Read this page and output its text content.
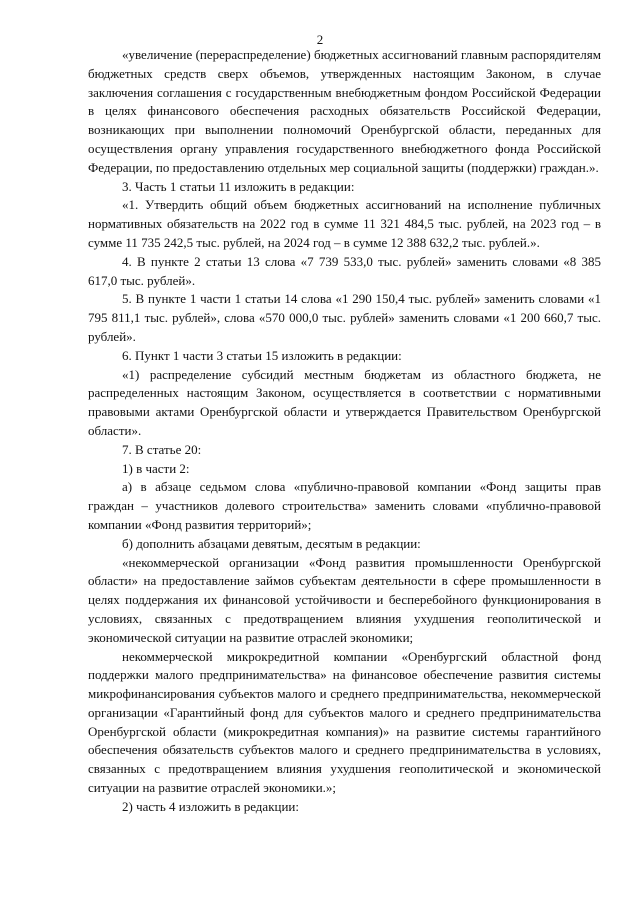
2

«увеличение (перераспределение) бюджетных ассигнований главным распорядителям бюджетных средств сверх объемов, утвержденных настоящим Законом, в случае заключения соглашения с государственным внебюджетным фондом Российской Федерации в целях финансового обеспечения расходных обязательств Российской Федерации, возникающих при выполнении полномочий Оренбургской области, переданных для осуществления органу управления государственного внебюджетного фонда Российской Федерации, по предоставлению отдельных мер социальной защиты (поддержки) граждан.».

3. Часть 1 статьи 11 изложить в редакции:

«1. Утвердить общий объем бюджетных ассигнований на исполнение публичных нормативных обязательств на 2022 год в сумме 11 321 484,5 тыс. рублей, на 2023 год – в сумме 11 735 242,5 тыс. рублей, на 2024 год – в сумме 12 388 632,2 тыс. рублей.».

4. В пункте 2 статьи 13 слова «7 739 533,0 тыс. рублей» заменить словами «8 385 617,0 тыс. рублей».

5. В пункте 1 части 1 статьи 14 слова «1 290 150,4 тыс. рублей» заменить словами «1 795 811,1 тыс. рублей», слова «570 000,0 тыс. рублей» заменить словами «1 200 660,7 тыс. рублей».

6. Пункт 1 части 3 статьи 15 изложить в редакции:

«1) распределение субсидий местным бюджетам из областного бюджета, не распределенных настоящим Законом, осуществляется в соответствии с нормативными правовыми актами Оренбургской области и утверждается Правительством Оренбургской области».

7. В статье 20:

1) в части 2:

а) в абзаце седьмом слова «публично-правовой компании «Фонд защиты прав граждан – участников долевого строительства» заменить словами «публично-правовой компании «Фонд развития территорий»;

б) дополнить абзацами девятым, десятым в редакции:

«некоммерческой организации «Фонд развития промышленности Оренбургской области» на предоставление займов субъектам деятельности в сфере промышленности в целях поддержания их финансовой устойчивости и бесперебойного функционирования в условиях, связанных с предотвращением влияния ухудшения геополитической и экономической ситуации на развитие отраслей экономики;

некоммерческой микрокредитной компании «Оренбургский областной фонд поддержки малого предпринимательства» на финансовое обеспечение развития системы микрофинансирования субъектов малого и среднего предпринимательства, некоммерческой организации «Гарантийный фонд для субъектов малого и среднего предпринимательства Оренбургской области (микрокредитная компания)» на развитие системы гарантийного обеспечения обязательств субъектов малого и среднего предпринимательства в условиях, связанных с предотвращением влияния ухудшения геополитической и экономической ситуации на развитие отраслей экономики.»;

2) часть 4 изложить в редакции:
